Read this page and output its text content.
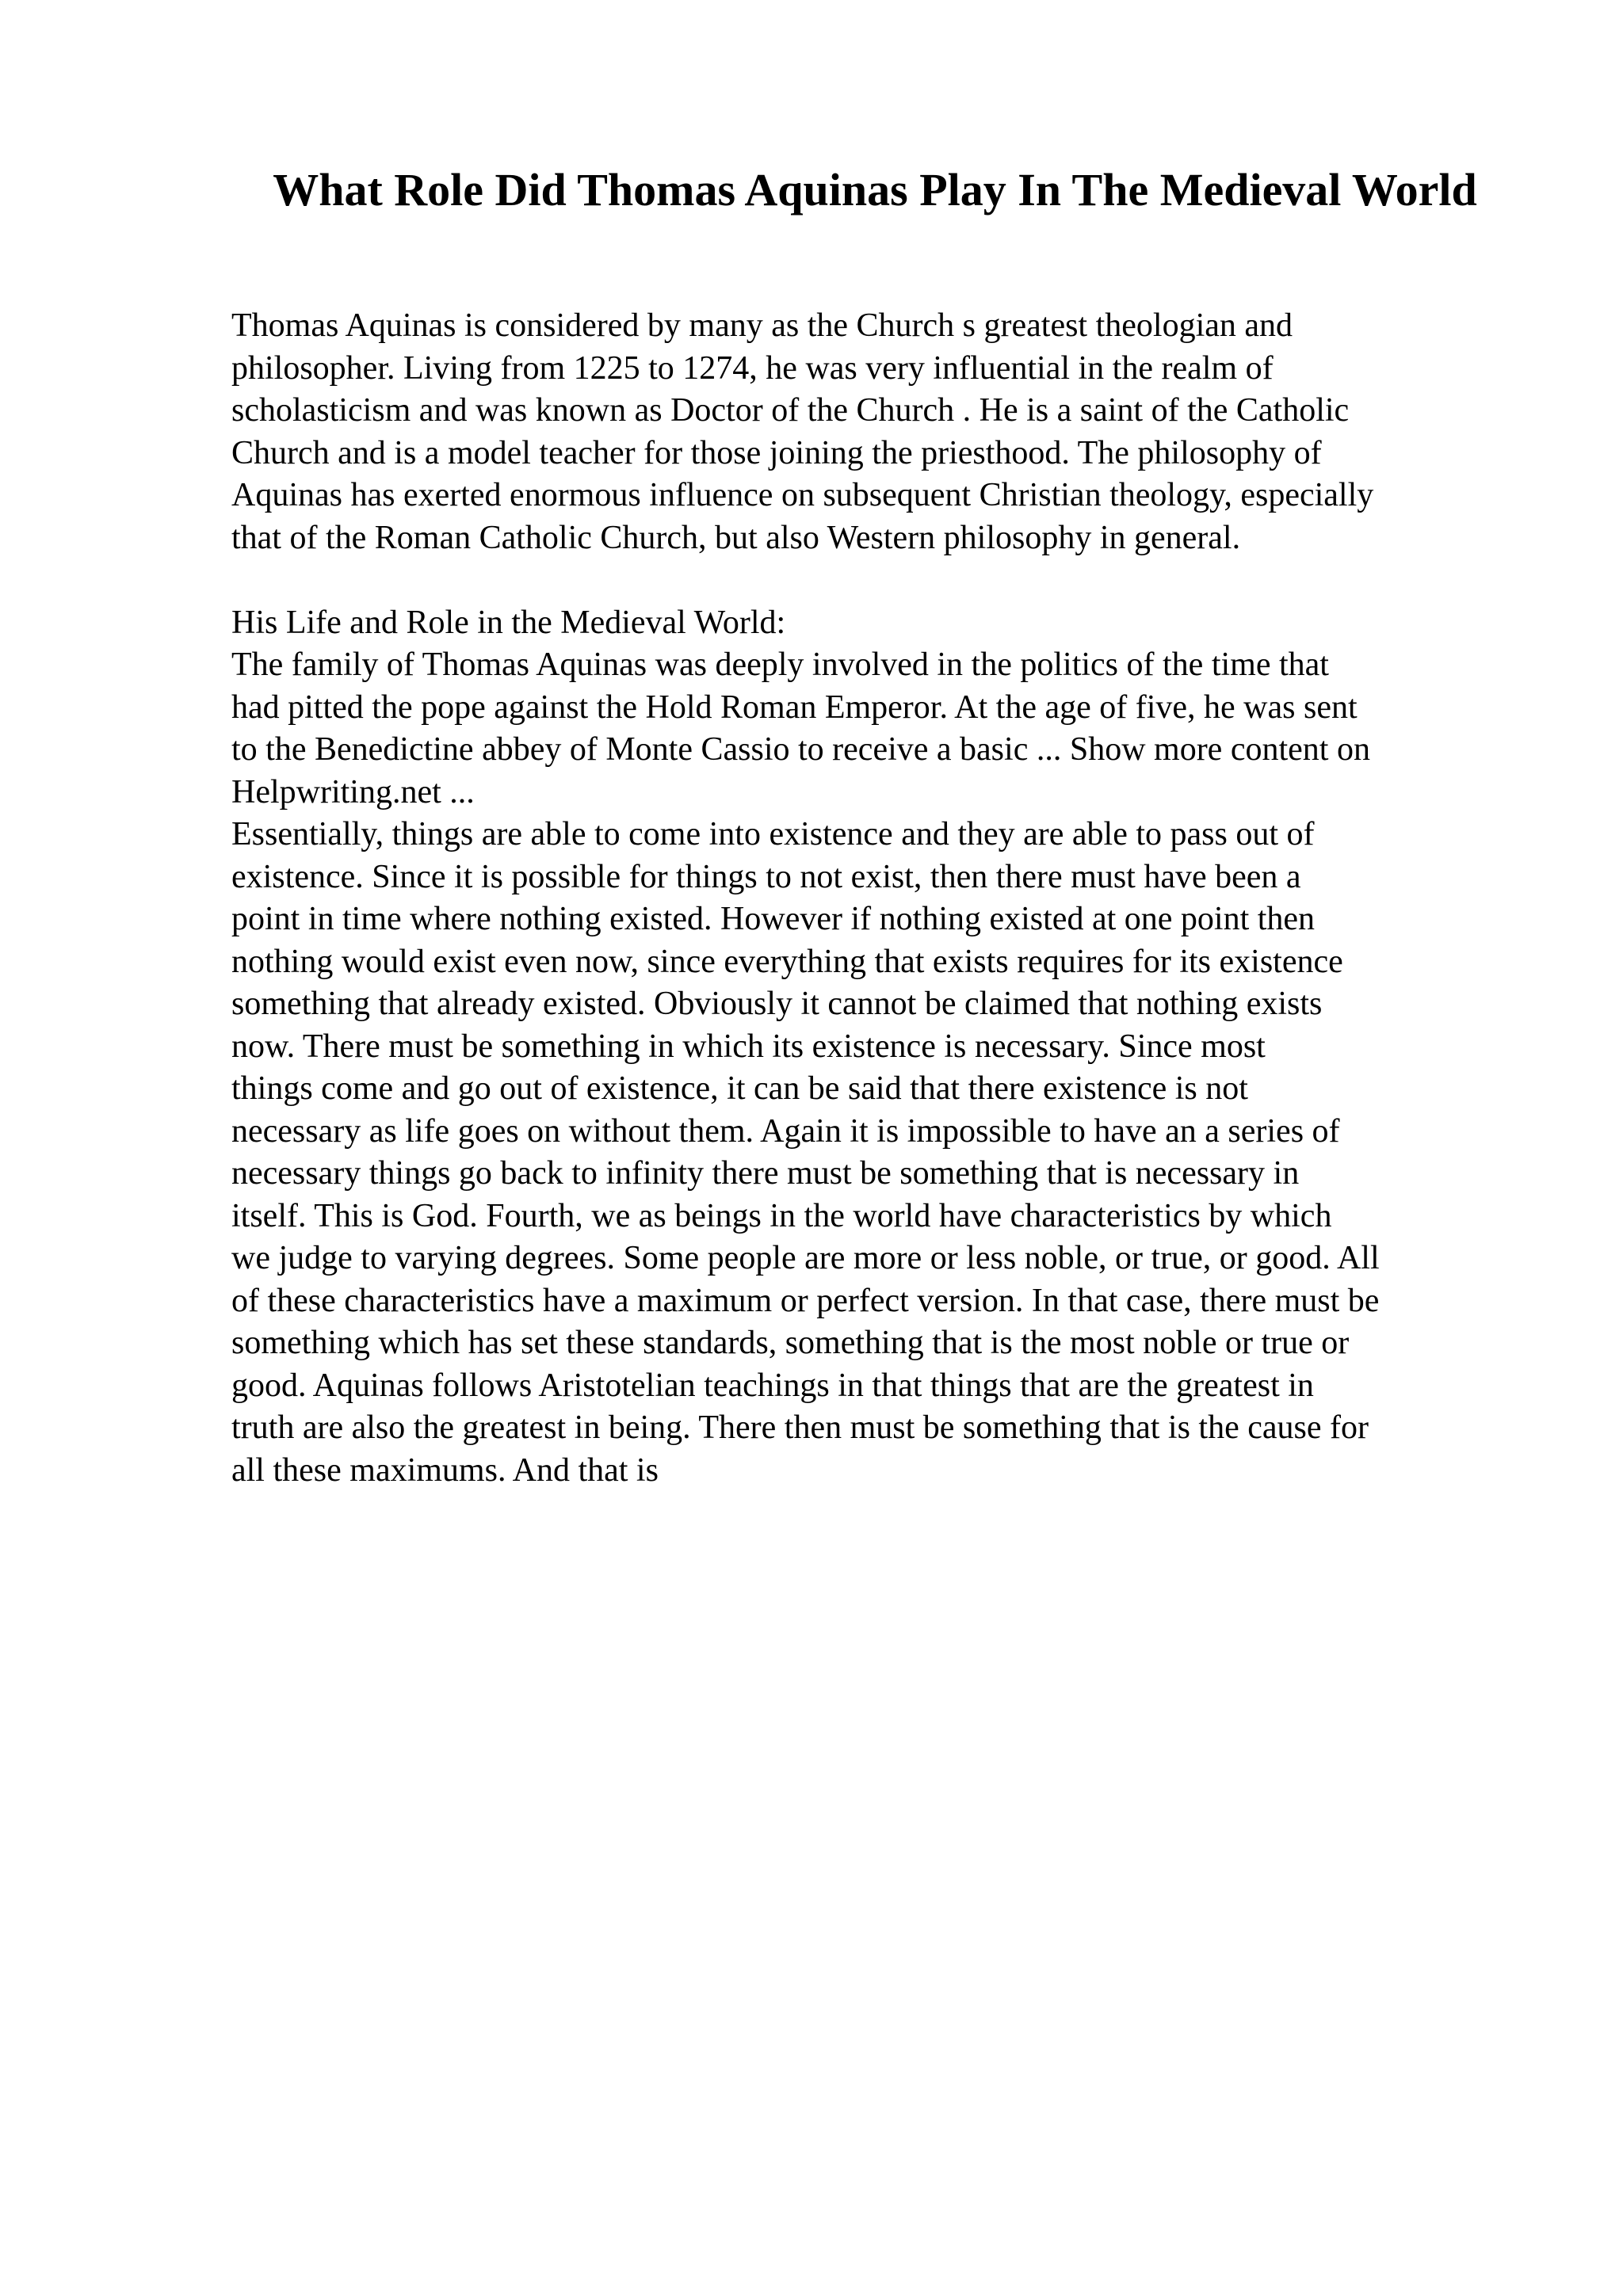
What Role Did Thomas Aquinas Play In The Medieval World
Thomas Aquinas is considered by many as the Church s greatest theologian and
philosopher. Living from 1225 to 1274, he was very influential in the realm of
scholasticism and was known as Doctor of the Church . He is a saint of the Catholic
Church and is a model teacher for those joining the priesthood. The philosophy of
Aquinas has exerted enormous influence on subsequent Christian theology, especially
that of the Roman Catholic Church, but also Western philosophy in general.
His Life and Role in the Medieval World:
The family of Thomas Aquinas was deeply involved in the politics of the time that
had pitted the pope against the Hold Roman Emperor. At the age of five, he was sent
to the Benedictine abbey of Monte Cassio to receive a basic ... Show more content on
Helpwriting.net ...
Essentially, things are able to come into existence and they are able to pass out of
existence. Since it is possible for things to not exist, then there must have been a
point in time where nothing existed. However if nothing existed at one point then
nothing would exist even now, since everything that exists requires for its existence
something that already existed. Obviously it cannot be claimed that nothing exists
now. There must be something in which its existence is necessary. Since most
things come and go out of existence, it can be said that there existence is not
necessary as life goes on without them. Again it is impossible to have an a series of
necessary things go back to infinity there must be something that is necessary in
itself. This is God. Fourth, we as beings in the world have characteristics by which
we judge to varying degrees. Some people are more or less noble, or true, or good. All
of these characteristics have a maximum or perfect version. In that case, there must be
something which has set these standards, something that is the most noble or true or
good. Aquinas follows Aristotelian teachings in that things that are the greatest in
truth are also the greatest in being. There then must be something that is the cause for
all these maximums. And that is
